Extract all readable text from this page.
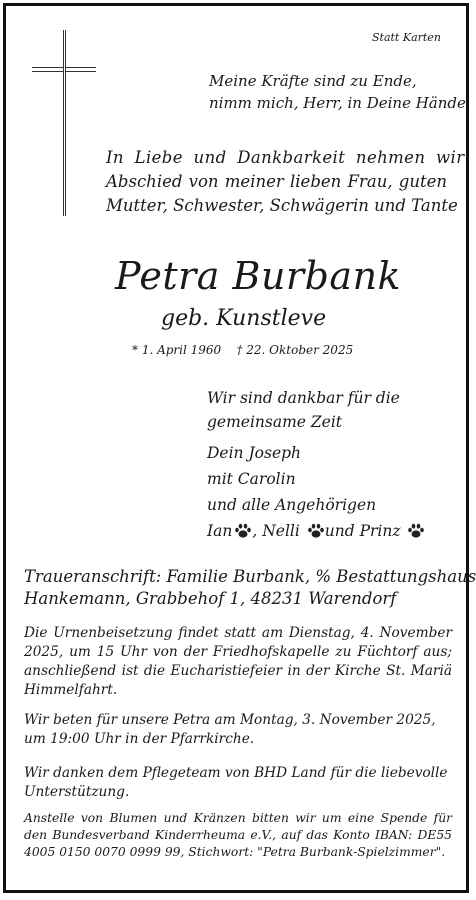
Statt Karten
Meine Kräfte sind zu Ende,
nimm mich, Herr, in Deine Hände.
In Liebe und Dankbarkeit nehmen wir
Abschied von meiner lieben Frau, guten
Mutter, Schwester, Schwägerin und Tante
Petra Burbank
geb. Kunstleve
* 1. April 1960 † 22. Oktober 2025
Wir sind dankbar für die
gemeinsame Zeit
Dein Joseph
mit Carolin
und alle Angehörigen
Ian , Nelli und Prinz
Traueranschrift: Familie Burbank, % Bestattungshaus
Hankemann, Grabbehof 1, 48231 Warendorf
Die Urnenbeisetzung findet statt am Dienstag, 4. November 2025, um 15 Uhr von der Friedhofskapelle zu Füchtorf aus; anschließend ist die Eucharistiefeier in der Kirche St. Mariä Himmelfahrt.
Wir beten für unsere Petra am Montag, 3. November 2025, um 19:00 Uhr in der Pfarrkirche.
Wir danken dem Pflegeteam von BHD Land für die liebevolle Unterstützung.
Anstelle von Blumen und Kränzen bitten wir um eine Spende für den Bundesverband Kinderrheuma e.V., auf das Konto IBAN: DE55 4005 0150 0070 0999 99, Stichwort: "Petra Burbank-Spielzimmer".
